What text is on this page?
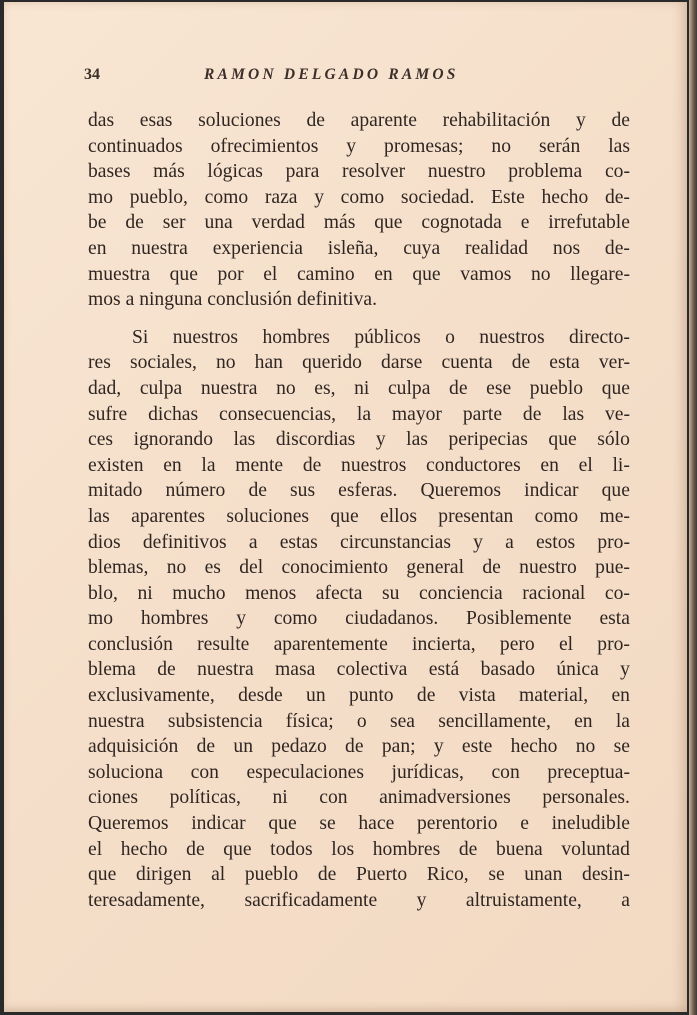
34	RAMON DELGADO RAMOS
das esas soluciones de aparente rehabilitación y de
continuados ofrecimientos y promesas; no serán las
bases más lógicas para resolver nuestro problema co-
mo pueblo, como raza y como sociedad. Este hecho de-
be de ser una verdad más que cognotada e irrefutable
en nuestra experiencia isleña, cuya realidad nos de-
muestra que por el camino en que vamos no llegare-
mos
a
ninguna
conclusión
definitiva.

Si nuestros hombres públicos o nuestros directo-
res sociales, no han querido darse cuenta de esta ver-
dad, culpa nuestra no es, ni culpa de ese pueblo que
sufre dichas consecuencias, la mayor parte de las ve-
ces ignorando las discordias y las peripecias que sólo
existen en la mente de nuestros conductores en el li-
mitado número de sus esferas. Queremos indicar que
las aparentes soluciones que ellos presentan como me-
dios definitivos a estas circunstancias y a estos pro-
blemas, no es del conocimiento general de nuestro pue-
blo, ni mucho menos afecta su conciencia racional co-
mo hombres y como ciudadanos. Posiblemente esta
conclusión resulte aparentemente incierta, pero el pro-
blema de nuestra masa colectiva está basado única y
exclusivamente, desde un punto de vista material, en
nuestra subsistencia física; o sea sencillamente, en la
adquisición de un pedazo de pan; y este hecho no se
soluciona con especulaciones jurídicas, con preceptua-
ciones políticas, ni con animadversiones personales.
Queremos indicar que se hace perentorio e ineludible
el hecho de que todos los hombres de buena voluntad
que dirigen al pueblo de Puerto Rico, se unan desin-
teresadamente, sacrificadamente y altruistamente, a
